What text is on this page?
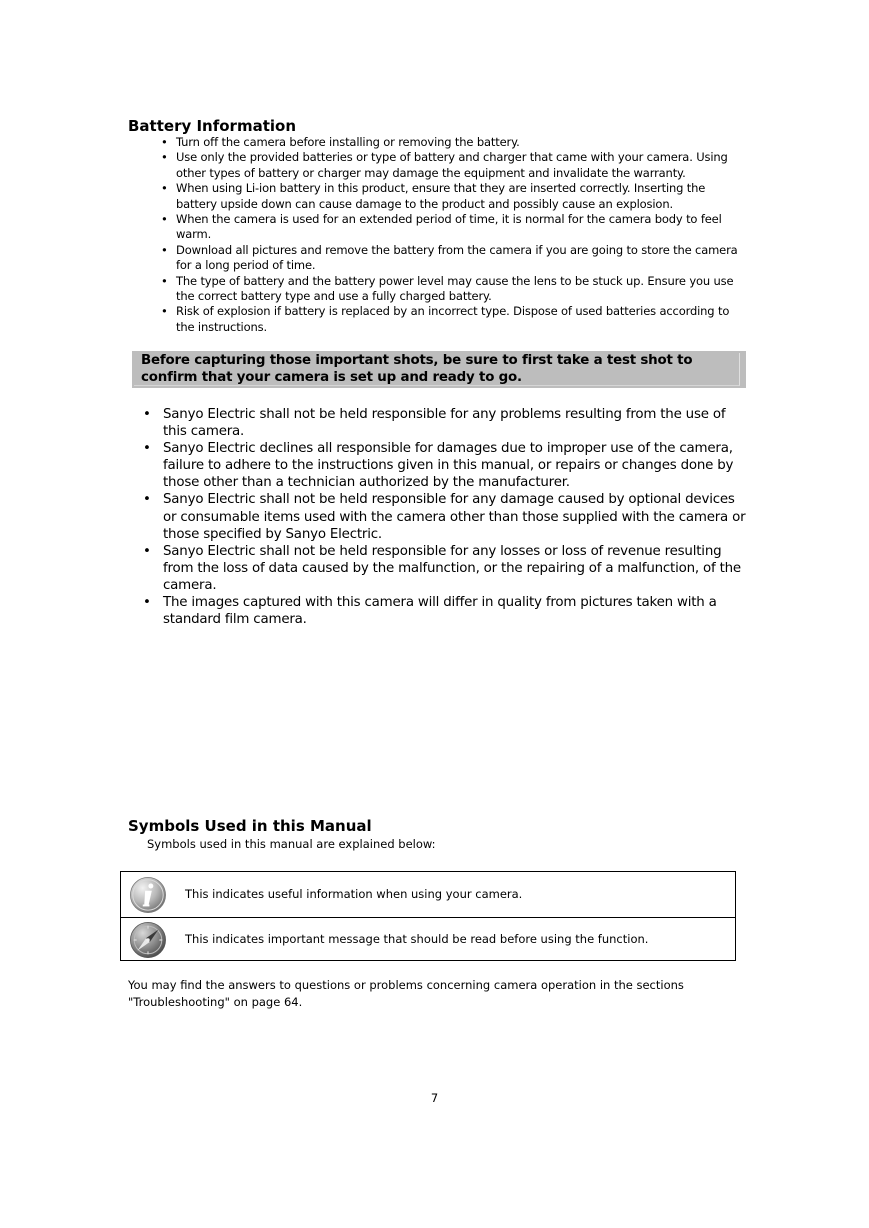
Battery Information
• Turn off the camera before installing or removing the battery.
• Use only the provided batteries or type of battery and charger that came with your camera. Using other types of battery or charger may damage the equipment and invalidate the warranty.
• When using Li-ion battery in this product, ensure that they are inserted correctly. Inserting the battery upside down can cause damage to the product and possibly cause an explosion.
• When the camera is used for an extended period of time, it is normal for the camera body to feel warm.
• Download all pictures and remove the battery from the camera if you are going to store the camera for a long period of time.
• The type of battery and the battery power level may cause the lens to be stuck up. Ensure you use the correct battery type and use a fully charged battery.
• Risk of explosion if battery is replaced by an incorrect type. Dispose of used batteries according to the instructions.

Before capturing those important shots, be sure to first take a test shot to confirm that your camera is set up and ready to go.

• Sanyo Electric shall not be held responsible for any problems resulting from the use of this camera.
• Sanyo Electric declines all responsible for damages due to improper use of the camera, failure to adhere to the instructions given in this manual, or repairs or changes done by those other than a technician authorized by the manufacturer.
• Sanyo Electric shall not be held responsible for any damage caused by optional devices or consumable items used with the camera other than those supplied with the camera or those specified by Sanyo Electric.
• Sanyo Electric shall not be held responsible for any losses or loss of revenue resulting from the loss of data caused by the malfunction, or the repairing of a malfunction, of the camera.
• The images captured with this camera will differ in quality from pictures taken with a standard film camera.
Symbols Used in this Manual

Symbols used in this manual are explained below:

This indicates useful information when using your camera.
This indicates important message that should be read before using the function.

You may find the answers to questions or problems concerning camera operation in the sections "Troubleshooting" on page 64.

7
